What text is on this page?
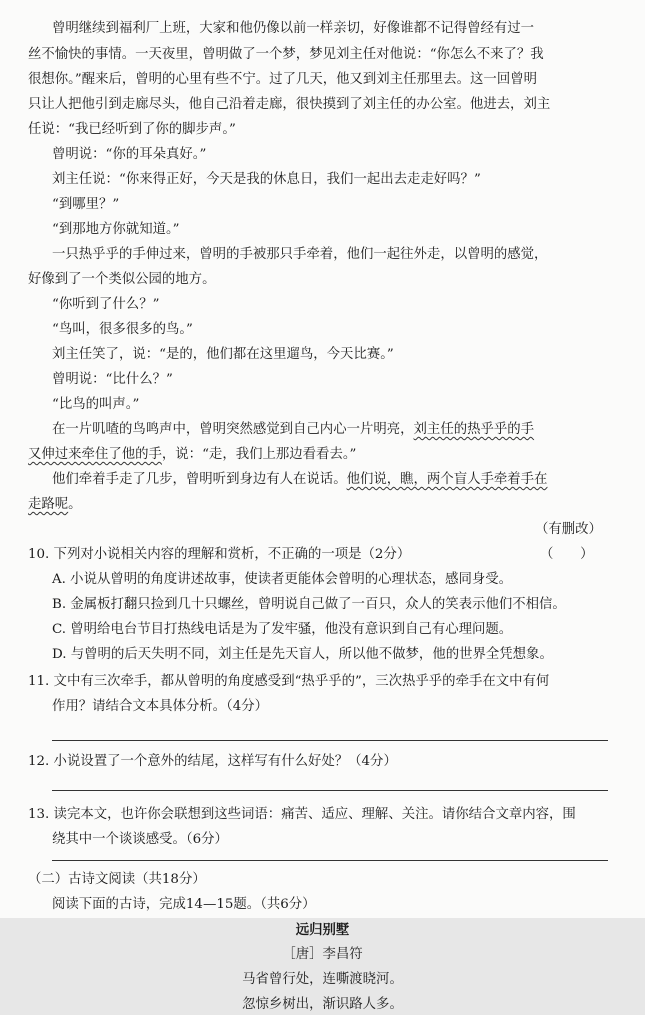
曾明继续到福利厂上班，大家和他仍像以前一样亲切，好像谁都不记得曾经有过一
丝不愉快的事情。一天夜里，曾明做了一个梦，梦见刘主任对他说：“你怎么不来了？我
很想你。”醒来后，曾明的心里有些不宁。过了几天，他又到刘主任那里去。这一回曾明
只让人把他引到走廊尽头，他自己沿着走廊，很快摸到了刘主任的办公室。他进去，刘主
任说：“我已经听到了你的脚步声。”
曾明说：“你的耳朵真好。”
刘主任说：“你来得正好，今天是我的休息日，我们一起出去走走好吗？”
“到哪里？”
“到那地方你就知道。”
一只热乎乎的手伸过来，曾明的手被那只手牵着，他们一起往外走，以曾明的感觉，
好像到了一个类似公园的地方。
“你听到了什么？”
“鸟叫，很多很多的鸟。”
刘主任笑了，说：“是的，他们都在这里遛鸟，今天比赛。”
曾明说：“比什么？”
“比鸟的叫声。”
在一片叽喳的鸟鸣声中，曾明突然感觉到自己内心一片明亮，刘主任的热乎乎的手
又伸过来牵住了他的手，说：“走，我们上那边看看去。”
他们牵着手走了几步，曾明听到身边有人在说话。他们说，瞧，两个盲人手牵着手在
走路呢。
（有删改）
10. 下列对小说相关内容的理解和赏析，不正确的一项是（2分）	（　　）
A. 小说从曾明的角度讲述故事，使读者更能体会曾明的心理状态，感同身受。
B. 金属板打翻只捡到几十只螺丝，曾明说自己做了一百只，众人的笑表示他们不相信。
C. 曾明给电台节目打热线电话是为了发牢骚，他没有意识到自己有心理问题。
D. 与曾明的后天失明不同，刘主任是先天盲人，所以他不做梦，他的世界全凭想象。
11. 文中有三次牵手，都从曾明的角度感受到“热乎乎的”，三次热乎乎的牵手在文中有何
作用？请结合文本具体分析。（4分）
12. 小说设置了一个意外的结尾，这样写有什么好处？（4分）
13. 读完本文，也许你会联想到这些词语：痛苦、适应、理解、关注。请你结合文章内容，围
绕其中一个谈谈感受。（6分）
（二）古诗文阅读（共18分）
阅读下面的古诗，完成14—15题。（共6分）
远归别墅
［唐］李昌符
马省曾行处，连嘶渡晓河。
忽惊乡树出，渐识路人多。
